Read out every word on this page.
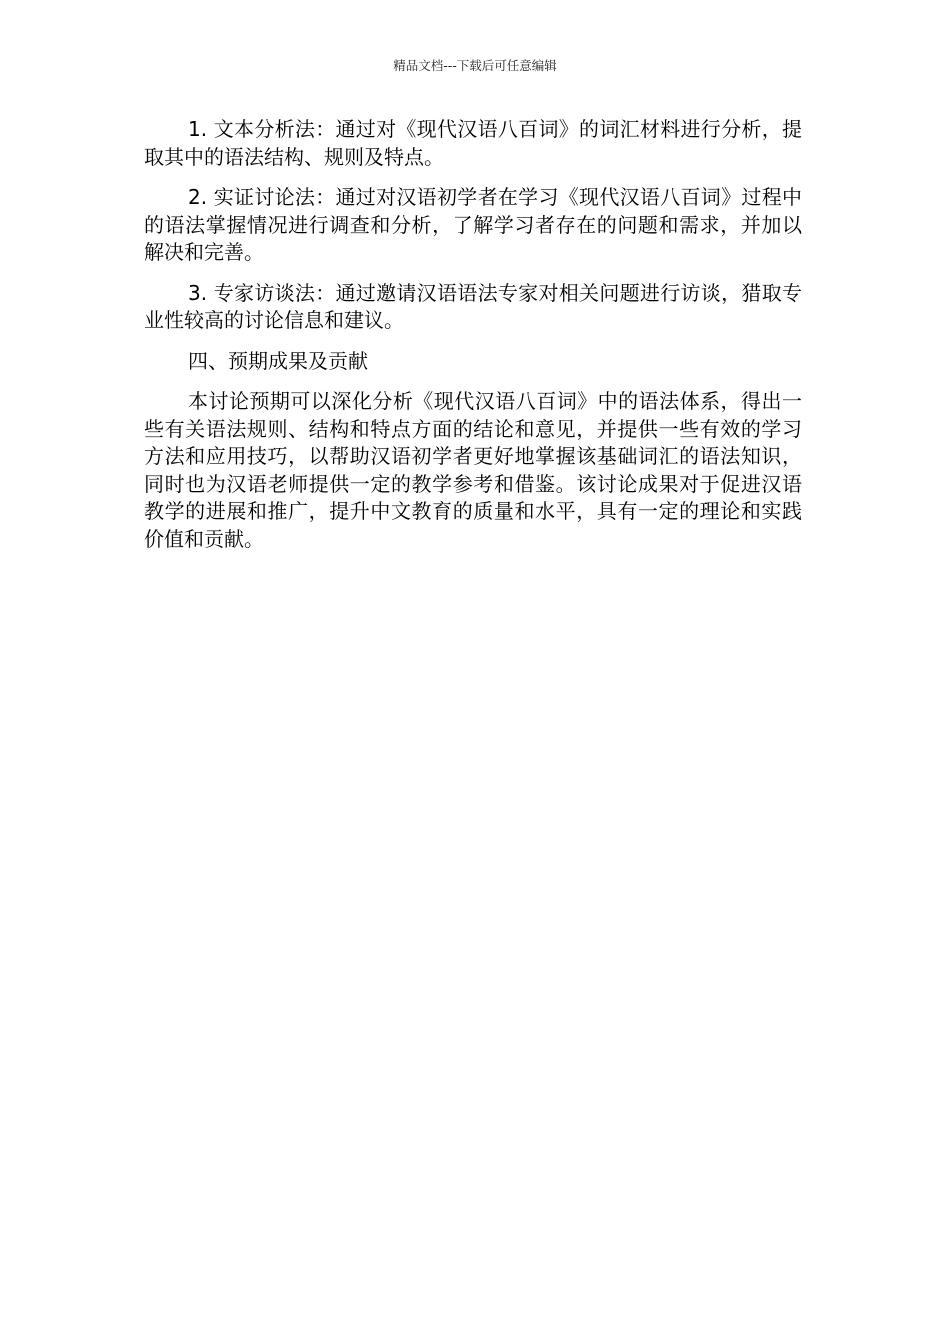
精品文档---下载后可任意编辑

1. 文本分析法：通过对《现代汉语八百词》的词汇材料进行分析，提取其中的语法结构、规则及特点。

2. 实证讨论法：通过对汉语初学者在学习《现代汉语八百词》过程中的语法掌握情况进行调查和分析，了解学习者存在的问题和需求，并加以解决和完善。

3. 专家访谈法：通过邀请汉语语法专家对相关问题进行访谈，猎取专业性较高的讨论信息和建议。

四、预期成果及贡献

本讨论预期可以深化分析《现代汉语八百词》中的语法体系，得出一些有关语法规则、结构和特点方面的结论和意见，并提供一些有效的学习方法和应用技巧，以帮助汉语初学者更好地掌握该基础词汇的语法知识，同时也为汉语老师提供一定的教学参考和借鉴。该讨论成果对于促进汉语教学的进展和推广，提升中文教育的质量和水平，具有一定的理论和实践价值和贡献。
